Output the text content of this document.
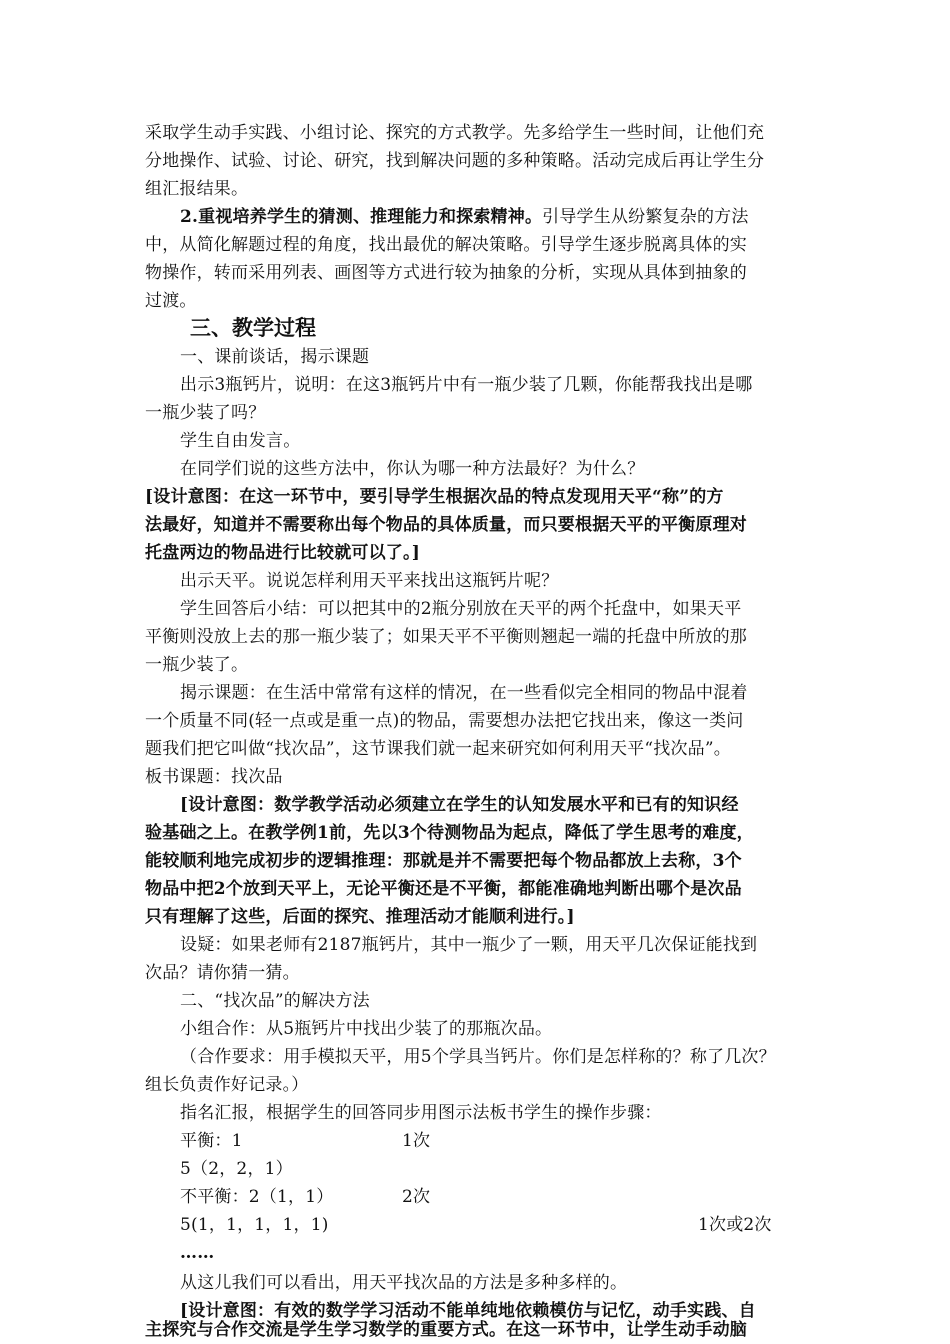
采取学生动手实践、小组讨论、探究的方式教学。先多给学生一些时间，让他们充
分地操作、试验、讨论、研究，找到解决问题的多种策略。活动完成后再让学生分
组汇报结果。
2.重视培养学生的猜测、推理能力和探索精神。引导学生从纷繁复杂的方法
中，从简化解题过程的角度，找出最优的解决策略。引导学生逐步脱离具体的实
物操作，转而采用列表、画图等方式进行较为抽象的分析，实现从具体到抽象的
过渡。
三、教学过程
一、课前谈话，揭示课题
出示3瓶钙片，说明：在这3瓶钙片中有一瓶少装了几颗，你能帮我找出是哪
一瓶少装了吗？
学生自由发言。
在同学们说的这些方法中，你认为哪一种方法最好？为什么？
[设计意图：在这一环节中，要引导学生根据次品的特点发现用天平“称”的方
法最好，知道并不需要称出每个物品的具体质量，而只要根据天平的平衡原理对
托盘两边的物品进行比较就可以了。]
出示天平。说说怎样利用天平来找出这瓶钙片呢？
学生回答后小结：可以把其中的2瓶分别放在天平的两个托盘中，如果天平
平衡则没放上去的那一瓶少装了；如果天平不平衡则翘起一端的托盘中所放的那
一瓶少装了。
揭示课题：在生活中常常有这样的情况，在一些看似完全相同的物品中混着
一个质量不同(轻一点或是重一点)的物品，需要想办法把它找出来，像这一类问
题我们把它叫做“找次品”，这节课我们就一起来研究如何利用天平“找次品”。
板书课题：找次品
[设计意图：数学教学活动必须建立在学生的认知发展水平和已有的知识经
验基础之上。在教学例1前，先以3个待测物品为起点，降低了学生思考的难度，
能较顺利地完成初步的逻辑推理：那就是并不需要把每个物品都放上去称，3个
物品中把2个放到天平上，无论平衡还是不平衡，都能准确地判断出哪个是次品
只有理解了这些，后面的探究、推理活动才能顺利进行。]
设疑：如果老师有2187瓶钙片，其中一瓶少了一颗，用天平几次保证能找到
次品？请你猜一猜。
二、“找次品”的解决方法
小组合作：从5瓶钙片中找出少装了的那瓶次品。
（合作要求：用手模拟天平，用5个学具当钙片。你们是怎样称的？称了几次？
组长负责作好记录。）
指名汇报，根据学生的回答同步用图示法板书学生的操作步骤：
平衡：1	1次
5（2，2，1）
不平衡：2（1，1）	2次
5(1，1，1，1，1)	1次或2次
……
从这儿我们可以看出，用天平找次品的方法是多种多样的。
[设计意图：有效的数学学习活动不能单纯地依赖模仿与记忆，动手实践、自
主探究与合作交流是学生学习数学的重要方式。在这一环节中，让学生动手动脑
